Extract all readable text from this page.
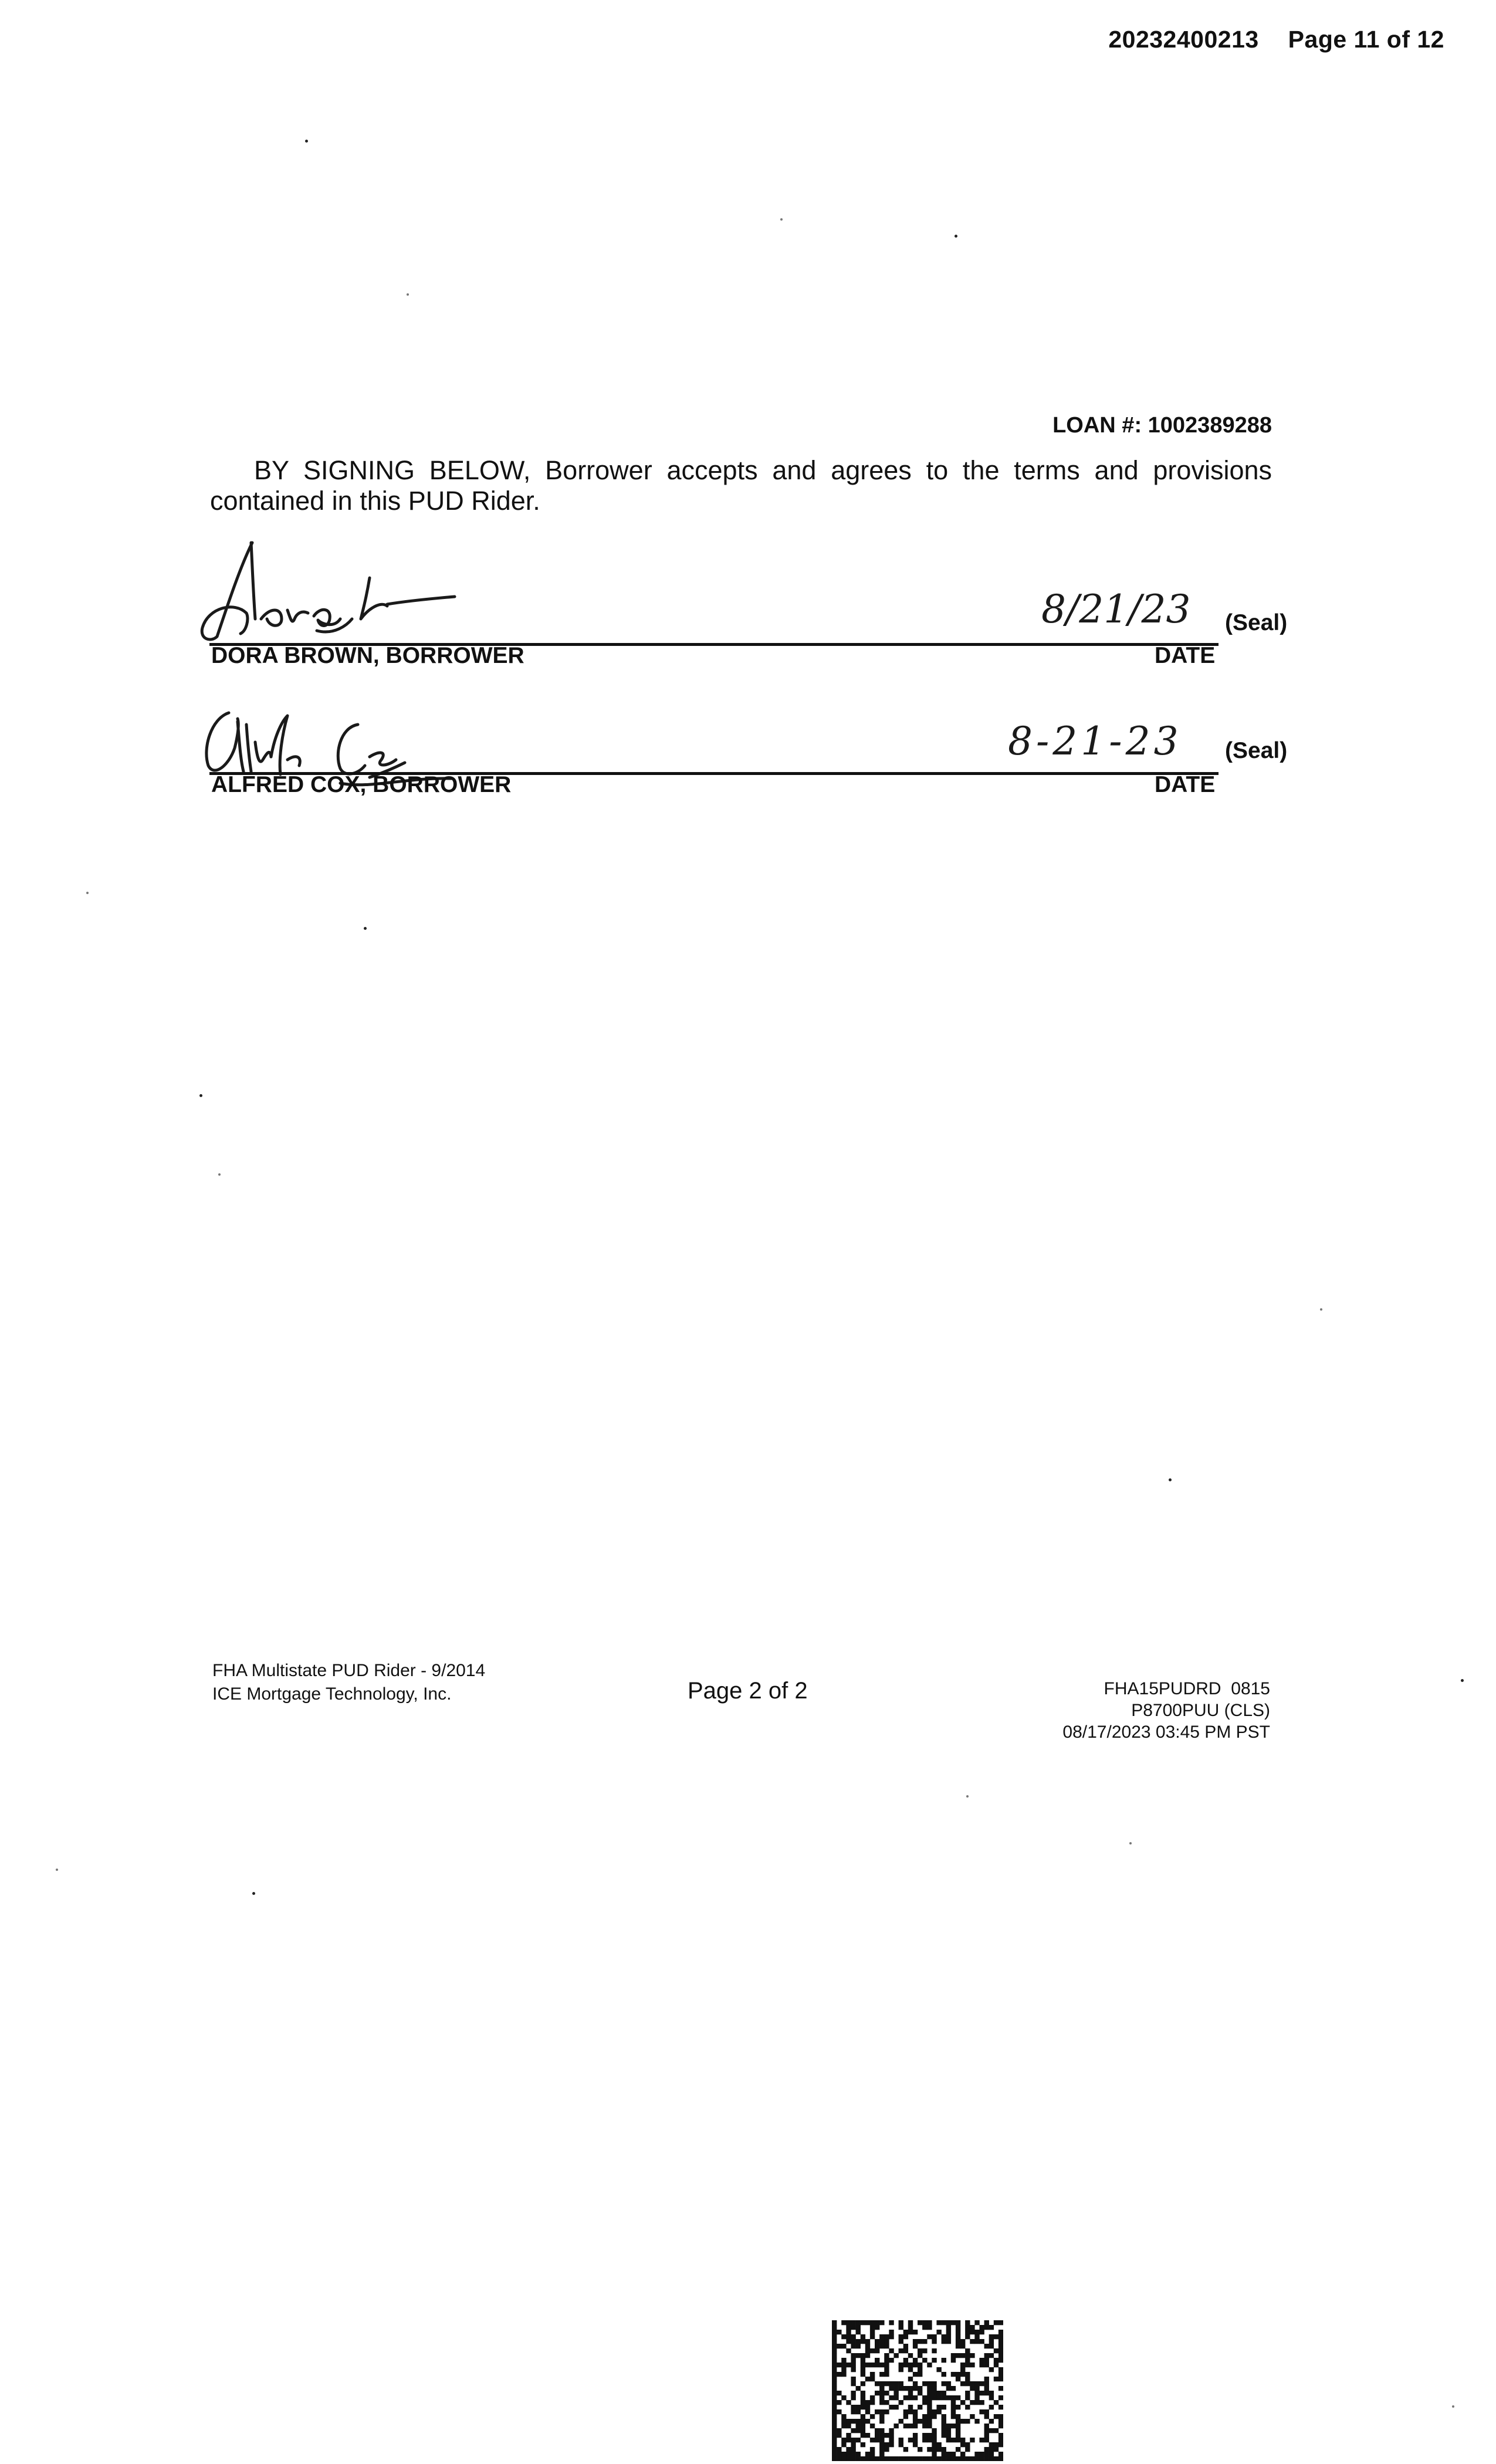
20232400213 Page 11 of 12
LOAN #: 1002389288
BY SIGNING BELOW, Borrower accepts and agrees to the terms and provisions contained in this PUD Rider.
DORA BROWN, BORROWER
8/21/23 (Seal)
DATE
ALFRED COX, BORROWER
8-21-23 (Seal)
DATE
FHA Multistate PUD Rider - 9/2014
ICE Mortgage Technology, Inc.	Page 2 of 2	FHA15PUDRD  0815
P8700PUU (CLS)
08/17/2023 03:45 PM PST
